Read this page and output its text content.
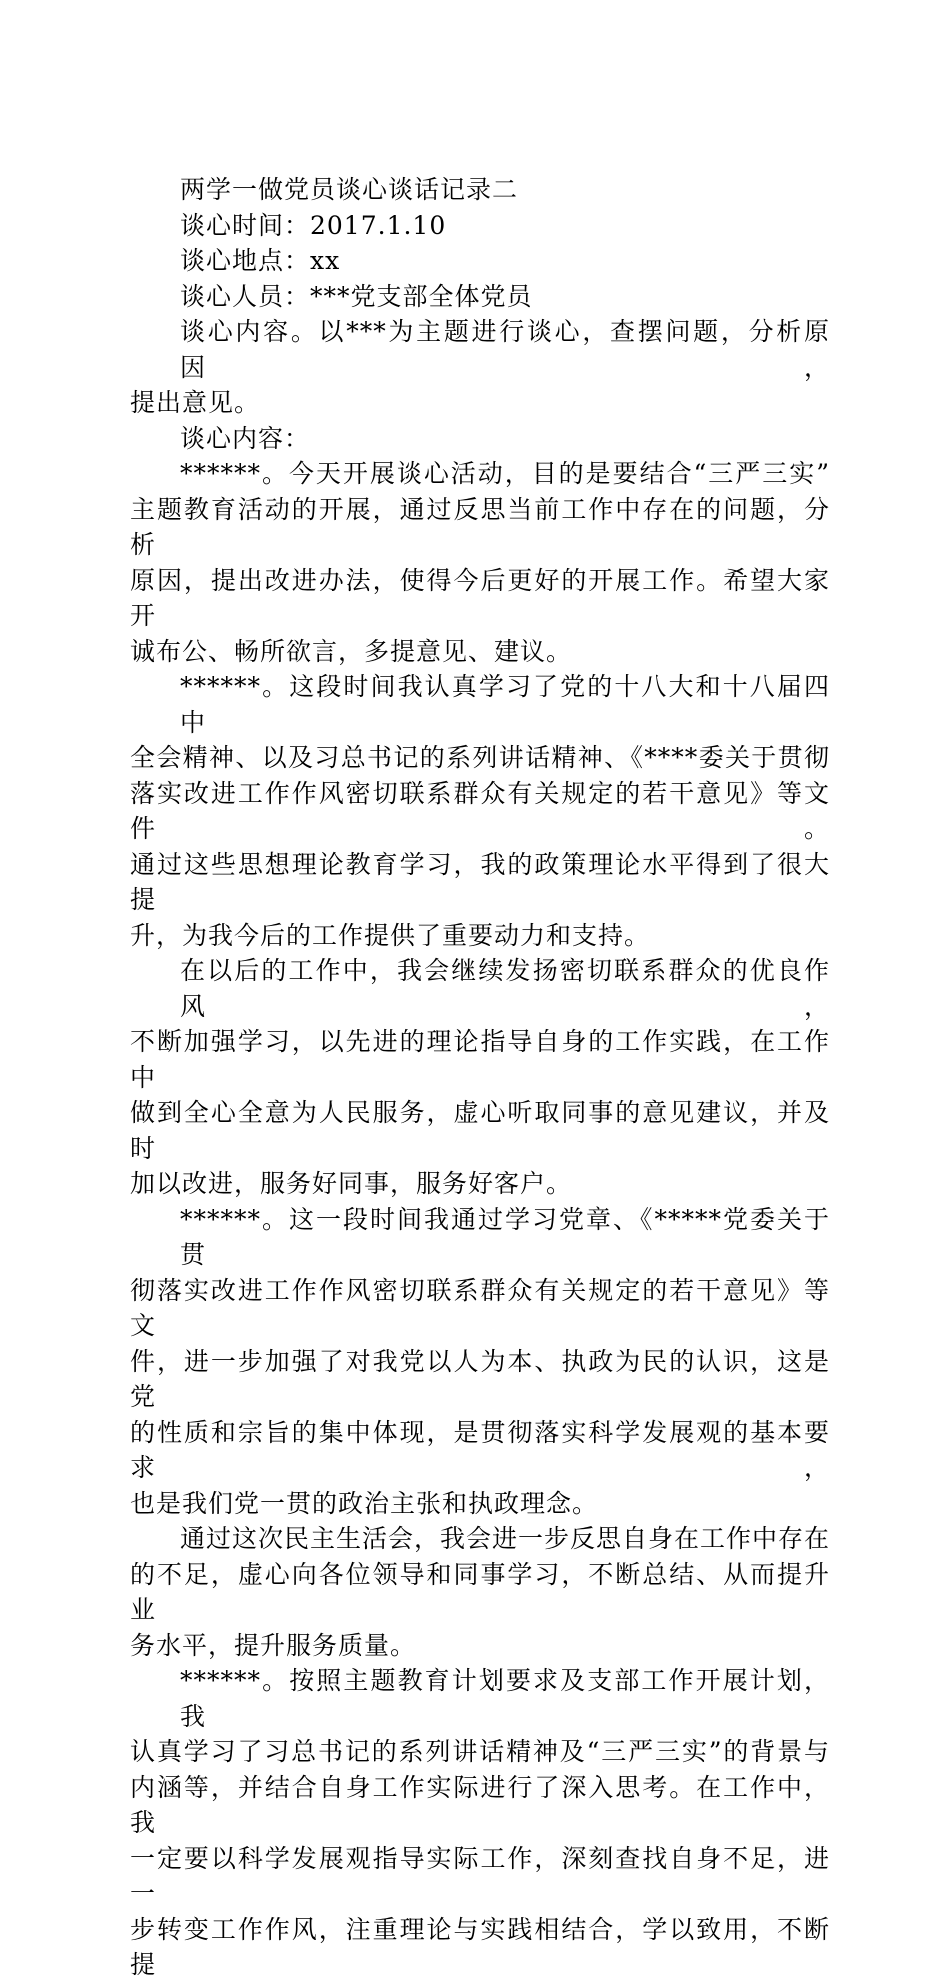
两学一做党员谈心谈话记录二
谈心时间：2017.1.10
谈心地点：xx
谈心人员：***党支部全体党员
谈心内容。以***为主题进行谈心，查摆问题，分析原因，
提出意见。
谈心内容：
******。今天开展谈心活动，目的是要结合“三严三实”
主题教育活动的开展，通过反思当前工作中存在的问题，分析
原因，提出改进办法，使得今后更好的开展工作。希望大家开
诚布公、畅所欲言，多提意见、建议。
******。这段时间我认真学习了党的十八大和十八届四中
全会精神、以及习总书记的系列讲话精神、《****委关于贯彻
落实改进工作作风密切联系群众有关规定的若干意见》等文件。
通过这些思想理论教育学习，我的政策理论水平得到了很大提
升，为我今后的工作提供了重要动力和支持。
在以后的工作中，我会继续发扬密切联系群众的优良作风，
不断加强学习，以先进的理论指导自身的工作实践，在工作中
做到全心全意为人民服务，虚心听取同事的意见建议，并及时
加以改进，服务好同事，服务好客户。
******。这一段时间我通过学习党章、《*****党委关于贯
彻落实改进工作作风密切联系群众有关规定的若干意见》等文
件，进一步加强了对我党以人为本、执政为民的认识，这是党
的性质和宗旨的集中体现，是贯彻落实科学发展观的基本要求，
也是我们党一贯的政治主张和执政理念。
通过这次民主生活会，我会进一步反思自身在工作中存在
的不足，虚心向各位领导和同事学习，不断总结、从而提升业
务水平，提升服务质量。
******。按照主题教育计划要求及支部工作开展计划，我
认真学习了习总书记的系列讲话精神及“三严三实”的背景与
内涵等，并结合自身工作实际进行了深入思考。在工作中，我
一定要以科学发展观指导实际工作，深刻查找自身不足，进一
步转变工作作风，注重理论与实践相结合，学以致用，不断提
